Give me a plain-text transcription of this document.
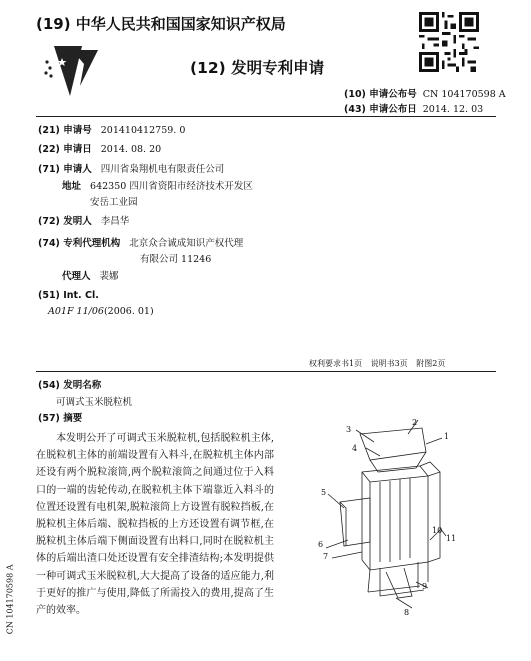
(19) 中华人民共和国国家知识产权局
(12) 发明专利申请
(10) 申请公布号 CN 104170598 A
(43) 申请公布日 2014. 12. 03
(21) 申请号 201410412759. 0
(22) 申请日 2014. 08. 20
(71) 申请人 四川省枭翔机电有限责任公司
地址 642350 四川省资阳市经济技术开发区
安岳工业园
(72) 发明人 李昌华
(74) 专利代理机构 北京众合诚成知识产权代理
有限公司 11246
代理人 裴娜
(51) Int. Cl.
A01F 11/06(2006. 01)
权利要求书1页 说明书3页 附图2页
(54) 发明名称
可调式玉米脱粒机
(57) 摘要
本发明公开了可调式玉米脱粒机,包括脱粒机主体,在脱粒机主体的前端设置有入料斗,在脱粒机主体内部还设有两个脱粒滚筒,两个脱粒滚筒之间通过位于入料口的一端的齿轮传动,在脱粒机主体下端靠近入料斗的位置还设置有电机架,脱粒滚筒上方设置有脱粒挡板,在脱粒机主体后端、脱粒挡板的上方还设置有调节框,在脱粒机主体后端下侧面设置有出料口,同时在脱粒机主体的后端出渣口处还设置有安全排渣结构;本发明提供一种可调式玉米脱粒机,大大提高了设备的适应能力,利于更好的推广与使用,降低了所需投入的费用,提高了生产的效率。
1
2
3
4
5
6
7
8
9
10
11
CN 104170598 A
